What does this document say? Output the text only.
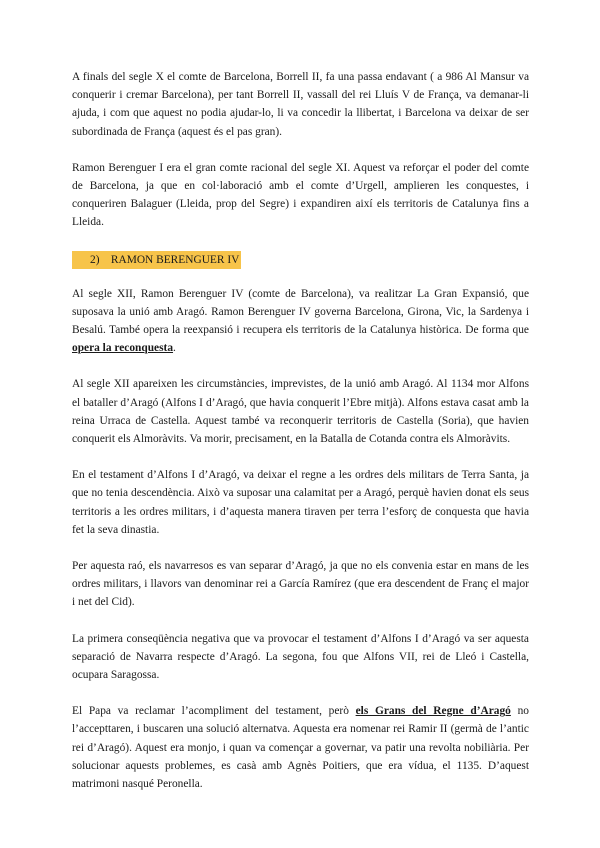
A finals del segle X el comte de Barcelona, Borrell II, fa una passa endavant ( a 986 Al Mansur va conquerir i cremar Barcelona), per tant Borrell II, vassall del rei Lluís V de França, va demanar-li ajuda, i com que aquest no podia ajudar-lo, li va concedir la llibertat, i Barcelona va deixar de ser subordinada de França (aquest és el pas gran).

Ramon Berenguer I era el gran comte racional del segle XI. Aquest va reforçar el poder del comte de Barcelona, ja que en col·laboració amb el comte d’Urgell, amplieren les conquestes, i conqueriren Balaguer (Lleida, prop del Segre) i expandiren així els territoris de Catalunya fins a Lleida.

2)    RAMON BERENGUER IV

Al segle XII, Ramon Berenguer IV (comte de Barcelona), va realitzar La Gran Expansió, que suposava la unió amb Aragó. Ramon Berenguer IV governa Barcelona, Girona, Vic, la Sardenya i Besalú. També opera la reexpansió i recupera els territoris de la Catalunya històrica. De forma que opera la reconquesta.

Al segle XII apareixen les circumstàncies, imprevistes, de la unió amb Aragó. Al 1134 mor Alfons el bataller d’Aragó (Alfons I d’Aragó, que havia conquerit l’Ebre mitjà). Alfons estava casat amb la reina Urraca de Castella. Aquest també va reconquerir territoris de Castella (Soria), que havien conquerit els Almoràvits. Va morir, precisament, en la Batalla de Cotanda contra els Almoràvits.

En el testament d’Alfons I d’Aragó, va deixar el regne a les ordres dels militars de Terra Santa, ja que no tenia descendència. Això va suposar una calamitat per a Aragó, perquè havien donat els seus territoris a les ordres militars, i d’aquesta manera tiraven per terra l’esforç de conquesta que havia fet la seva dinastia.

Per aquesta raó, els navarresos es van separar d’Aragó, ja que no els convenia estar en mans de les ordres militars, i llavors van denominar rei a García Ramírez (que era descendent de Franç el major i net del Cid).

La primera conseqüència negativa que va provocar el testament d’Alfons I d’Aragó va ser aquesta separació de Navarra respecte d’Aragó. La segona, fou que Alfons VII, rei de Lleó i Castella, ocupara Saragossa.

El Papa va reclamar l’acompliment del testament, però els Grans del Regne d’Aragó no l’accepttaren, i buscaren una solució alternatva. Aquesta era nomenar rei Ramir II (germà de l’antic rei d’Aragó). Aquest era monjo, i quan va començar a governar, va patir una revolta nobiliària. Per solucionar aquests problemes, es casà amb Agnès Poitiers, que era vídua, el 1135. D’aquest matrimoni nasqué Peronella.
